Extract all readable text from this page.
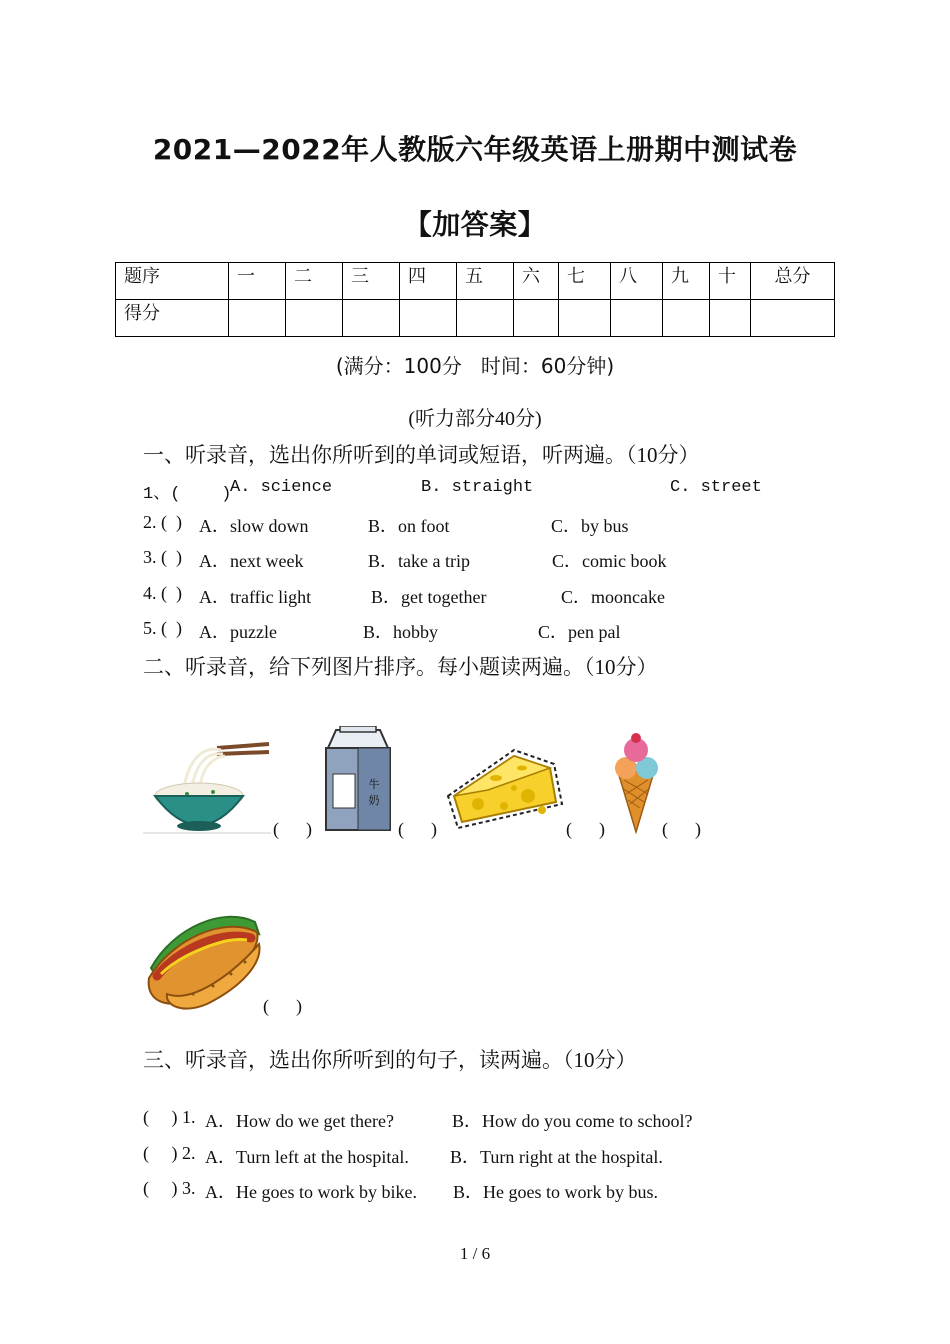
2021—2022年人教版六年级英语上册期中测试卷
【加答案】
题序	一	二	三	四	五	六	七	八	九	十	总分
得分											
(满分：100分   时间：60分钟)
(听力部分40分)
一、听录音，选出你所听到的单词或短语，听两遍。（10分）
1、(    )
A. science	B. straight	C. street
2. (  ) A．slow down	B．on foot	C．by bus
3. (  ) A．next week	B．take a trip	C．comic book
4. (  ) A．traffic light	B．get together	C．mooncake
5. (  ) A．puzzle	B．hobby	C．pen pal
二、听录音，给下列图片排序。每小题读两遍。（10分）
(      )
牛
奶
(      )	(      )	(      )
(      )
三、听录音，选出你所听到的句子，读两遍。（10分）
(     ) 1. A．How do we get there?	B．How do you come to school?
(     ) 2. A．Turn left at the hospital. B．Turn right at the hospital.
(     ) 3. A．He goes to work by bike. B．He goes to work by bus.
1 / 6
